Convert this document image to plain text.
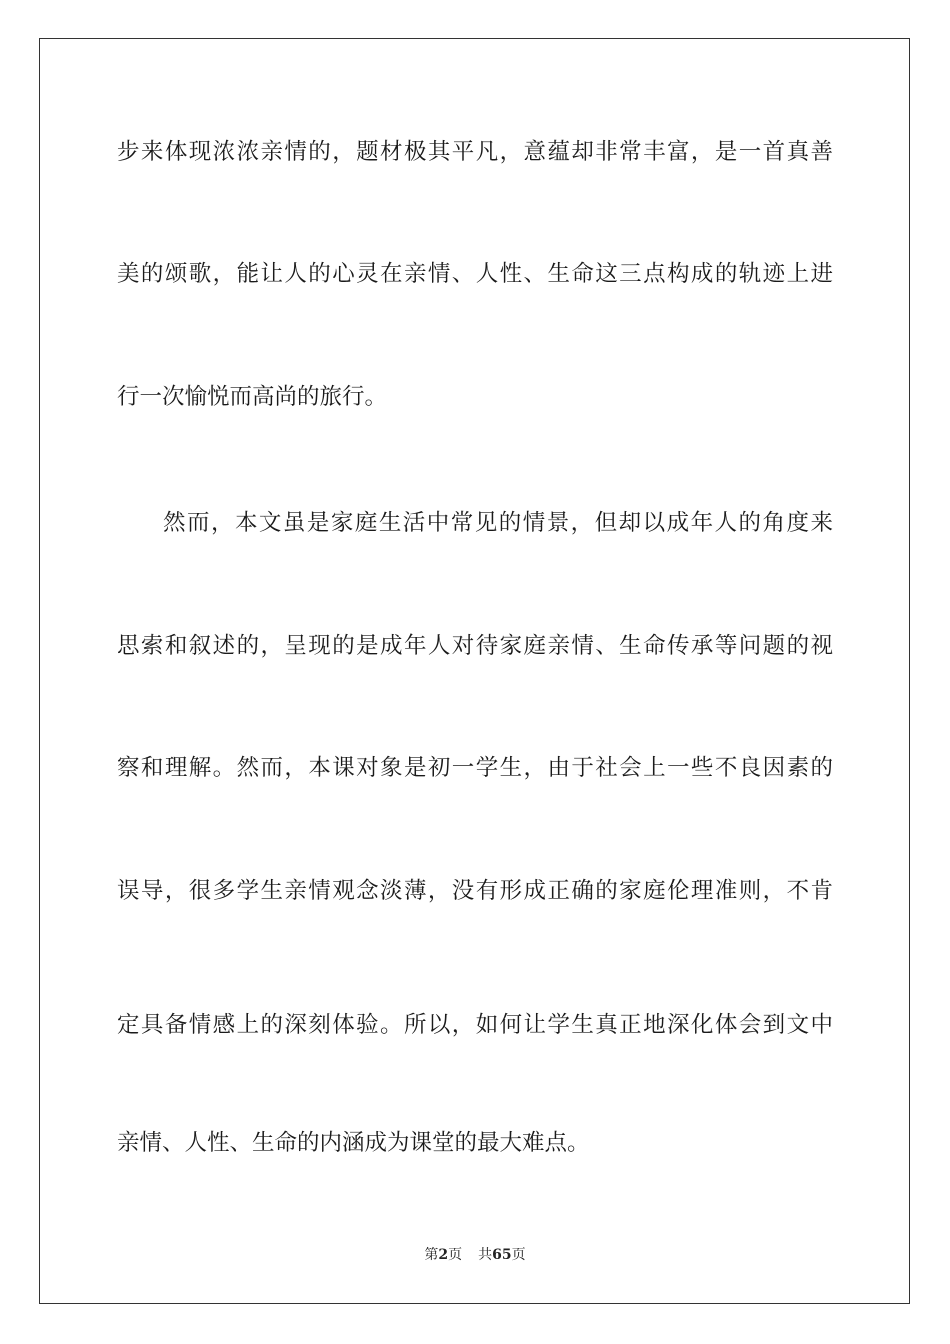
步来体现浓浓亲情的，题材极其平凡，意蕴却非常丰富，是一首真善
美的颂歌，能让人的心灵在亲情、人性、生命这三点构成的轨迹上进
行一次愉悦而高尚的旅行。
然而，本文虽是家庭生活中常见的情景，但却以成年人的角度来
思索和叙述的，呈现的是成年人对待家庭亲情、生命传承等问题的视
察和理解。然而，本课对象是初一学生，由于社会上一些不良因素的
误导，很多学生亲情观念淡薄，没有形成正确的家庭伦理准则，不肯
定具备情感上的深刻体验。所以，如何让学生真正地深化体会到文中
亲情、人性、生命的内涵成为课堂的最大难点。
第2页 共65页
